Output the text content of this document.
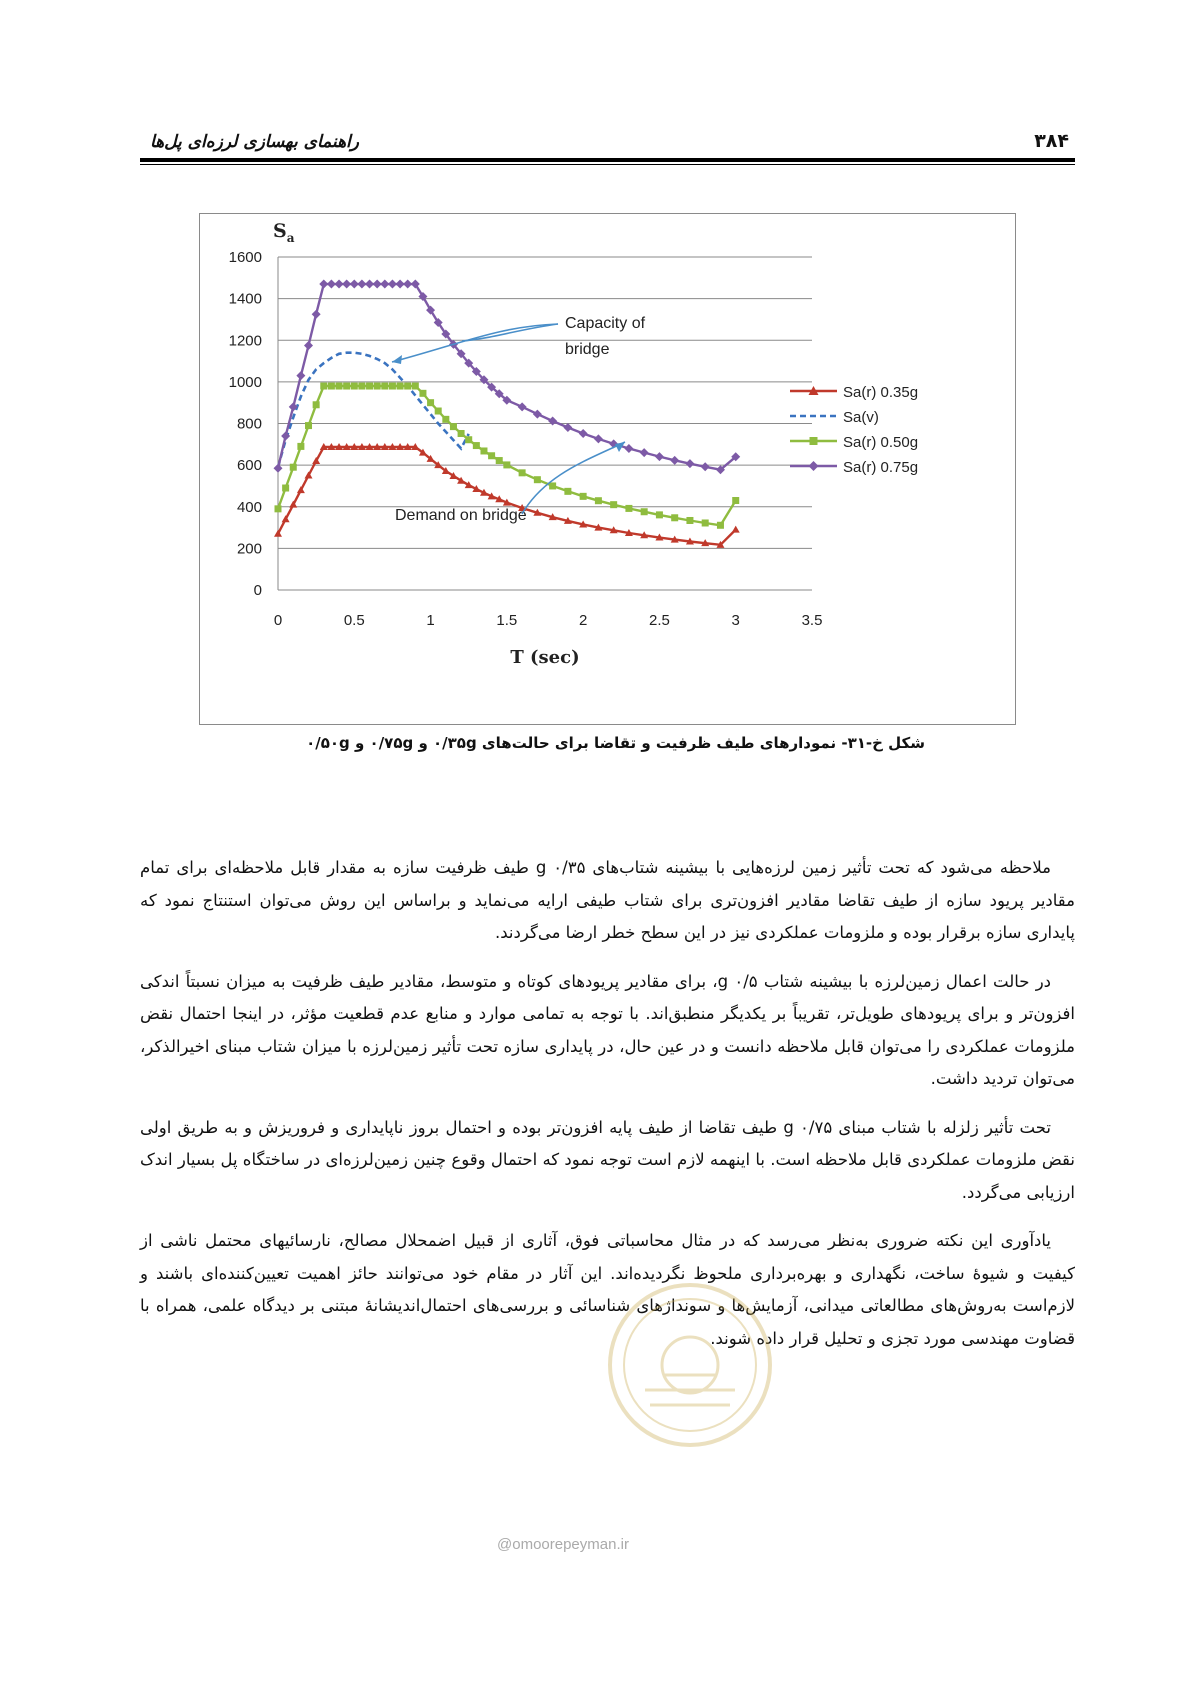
راهنمای بهسازی لرزه‌ای پل‌ها	۳۸۴
0
200
400
600
800
1000
1200
1400
1600
0	0.5	1	1.5	2	2.5	3	3.5
$S_a$
T (sec)
Capacity of
bridge
Demand on bridge
Sa(r) 0.35g
Sa(v)
Sa(r) 0.50g
Sa(r) 0.75g
شکل خ-۳۱- نمودارهای طیف ظرفیت و تقاضا برای حالت‌های ۰/۳۵g و ۰/۷۵g و ۰/۵۰g

ملاحظه می‌شود که تحت تأثیر زمین لرزه‌هایی با بیشینه شتاب‌های ۰/۳۵ g طیف ظرفیت سازه به مقدار قابل ملاحظه‌ای برای تمام مقادیر پریود سازه از طیف تقاضا مقادیر افزون‌تری برای شتاب طیفی ارایه می‌نماید و براساس این روش می‌توان استنتاج نمود که پایداری سازه برقرار بوده و ملزومات عملکردی نیز در این سطح خطر ارضا می‌گردند.

در حالت اعمال زمین‌لرزه با بیشینه شتاب ۰/۵ g، برای مقادیر پریودهای کوتاه و متوسط، مقادیر طیف ظرفیت به میزان نسبتاً اندکی افزون‌تر و برای پریودهای طویل‌تر، تقریباً بر یکدیگر منطبق‌اند. با توجه به تمامی موارد و منابع عدم قطعیت مؤثر، در اینجا احتمال نقض ملزومات عملکردی را می‌توان قابل ملاحظه دانست و در عین حال، در پایداری سازه تحت تأثیر زمین‌لرزه با میزان شتاب مبنای اخیرالذکر، می‌توان تردید داشت.

تحت تأثیر زلزله با شتاب مبنای ۰/۷۵ g طیف تقاضا از طیف پایه افزون‌تر بوده و احتمال بروز ناپایداری و فروریزش و به طریق اولی نقض ملزومات عملکردی قابل ملاحظه است. با اینهمه لازم است توجه نمود که احتمال وقوع چنین زمین‌لرزه‌ای در ساختگاه پل بسیار اندک ارزیابی می‌گردد.

یادآوری این نکته ضروری به‌نظر می‌رسد که در مثال محاسباتی فوق، آثاری از قبیل اضمحلال مصالح، نارسائیهای محتمل ناشی از کیفیت و شیوهٔ ساخت، نگهداری و بهره‌برداری ملحوظ نگردیده‌اند. این آثار در مقام خود می‌توانند حائز اهمیت تعیین‌کننده‌ای باشند و لازم‌است به‌روش‌های مطالعاتی میدانی، آزمایش‌ها و سونداژهای شناسائی و بررسی‌های احتمال‌اندیشانهٔ مبتنی بر دیدگاه علمی، همراه با قضاوت مهندسی مورد تجزی و تحلیل قرار داده شوند.

@omoorepeyman.ir
